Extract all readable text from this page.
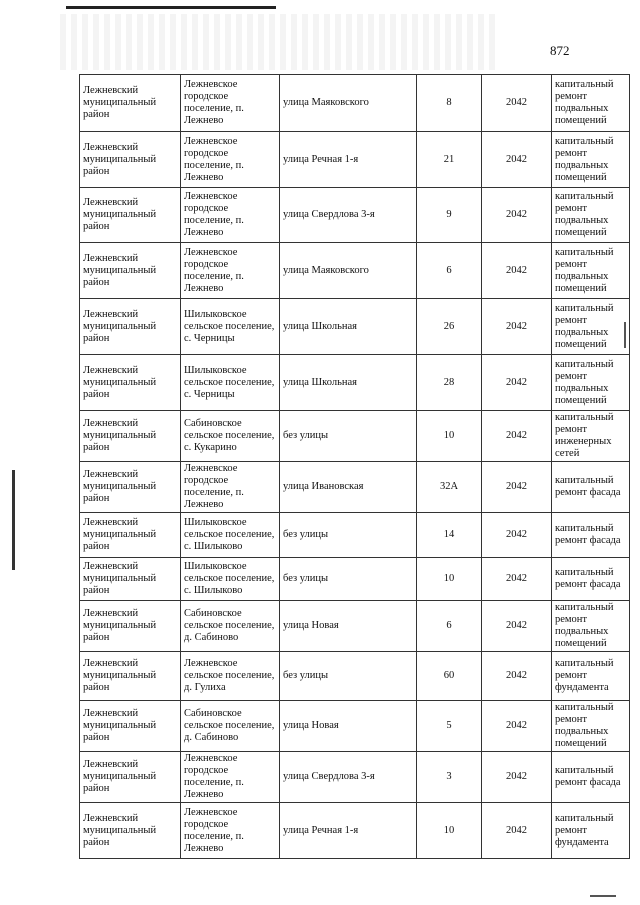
872
Лежневский муниципальный район	Лежневское городское поселение, п. Лежнево	улица Маяковского	8	2042	капитальный ремонт подвальных помещений
Лежневский муниципальный район	Лежневское городское поселение, п. Лежнево	улица Речная 1-я	21	2042	капитальный ремонт подвальных помещений
Лежневский муниципальный район	Лежневское городское поселение, п. Лежнево	улица Свердлова 3-я	9	2042	капитальный ремонт подвальных помещений
Лежневский муниципальный район	Лежневское городское поселение, п. Лежнево	улица Маяковского	6	2042	капитальный ремонт подвальных помещений
Лежневский муниципальный район	Шилыковское сельское поселение, с. Черницы	улица Школьная	26	2042	капитальный ремонт подвальных помещений
Лежневский муниципальный район	Шилыковское сельское поселение, с. Черницы	улица Школьная	28	2042	капитальный ремонт подвальных помещений
Лежневский муниципальный район	Сабиновское сельское поселение, с. Кукарино	без улицы	10	2042	капитальный ремонт инженерных сетей
Лежневский муниципальный район	Лежневское городское поселение, п. Лежнево	улица Ивановская	32А	2042	капитальный ремонт фасада
Лежневский муниципальный район	Шилыковское сельское поселение, с. Шилыково	без улицы	14	2042	капитальный ремонт фасада
Лежневский муниципальный район	Шилыковское сельское поселение, с. Шилыково	без улицы	10	2042	капитальный ремонт фасада
Лежневский муниципальный район	Сабиновское сельское поселение, д. Сабиново	улица Новая	6	2042	капитальный ремонт подвальных помещений
Лежневский муниципальный район	Лежневское сельское поселение, д. Гулиха	без улицы	60	2042	капитальный ремонт фундамента
Лежневский муниципальный район	Сабиновское сельское поселение, д. Сабиново	улица Новая	5	2042	капитальный ремонт подвальных помещений
Лежневский муниципальный район	Лежневское городское поселение, п. Лежнево	улица Свердлова 3-я	3	2042	капитальный ремонт фасада
Лежневский муниципальный район	Лежневское городское поселение, п. Лежнево	улица Речная 1-я	10	2042	капитальный ремонт фундамента
